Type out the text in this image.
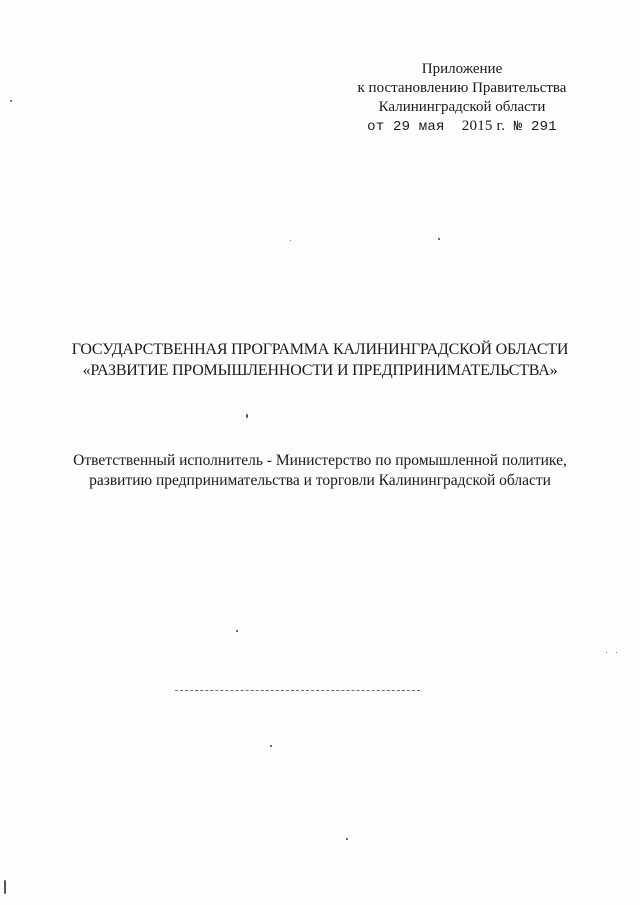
Приложение
к постановлению Правительства
Калининградской области
от 29 мая 2015 г. № 291
ГОСУДАРСТВЕННАЯ ПРОГРАММА КАЛИНИНГРАДСКОЙ ОБЛАСТИ
«РАЗВИТИЕ ПРОМЫШЛЕННОСТИ И ПРЕДПРИНИМАТЕЛЬСТВА»
Ответственный исполнитель - Министерство по промышленной политике,
развитию предпринимательства и торговли Калининградской области
